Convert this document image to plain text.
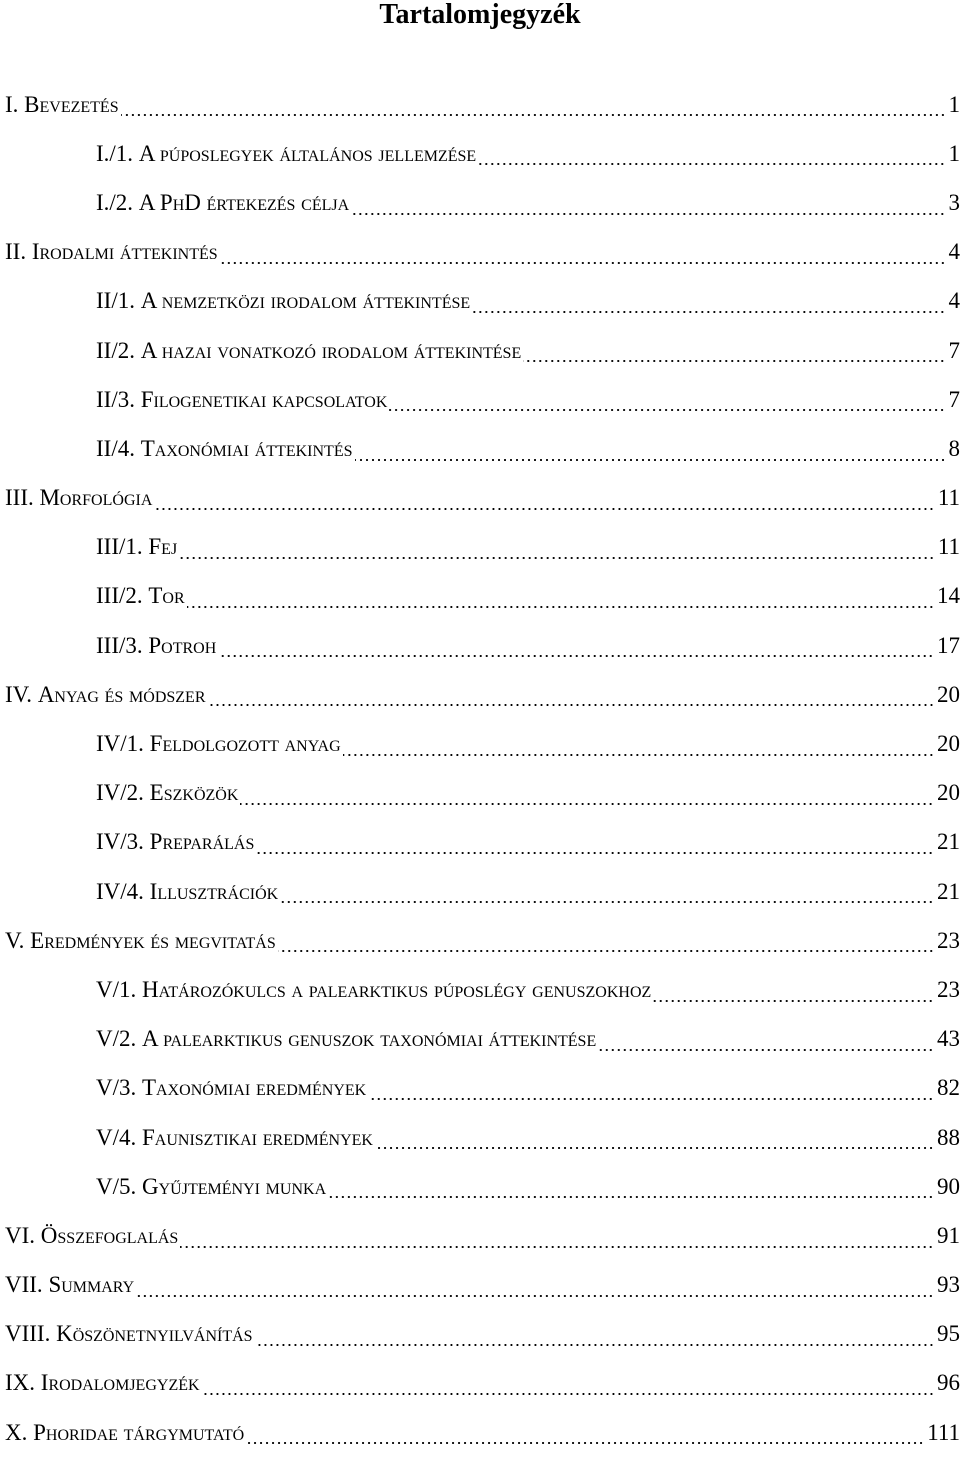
Tartalomjegyzék
I. Bevezetés	1
I./1. A púposlegyek általános jellemzése	1
I./2. A PhD értekezés célja	3
II. Irodalmi áttekintés	4
II/1. A nemzetközi irodalom áttekintése	4
II/2. A hazai vonatkozó irodalom áttekintése	7
II/3. Filogenetikai kapcsolatok	7
II/4. Taxonómiai áttekintés	8
III. Morfológia	11
III/1. Fej	11
III/2. Tor	14
III/3. Potroh	17
IV. Anyag és módszer	20
IV/1. Feldolgozott anyag	20
IV/2. Eszközök	20
IV/3. Preparálás	21
IV/4. Illusztrációk	21
V. Eredmények és megvitatás	23
V/1. Határozókulcs a palearktikus púposlégy genuszokhoz	23
V/2. A palearktikus genuszok taxonómiai áttekintése	43
V/3. Taxonómiai eredmények	82
V/4. Faunisztikai eredmények	88
V/5. Gyűjteményi munka	90
VI. Összefoglalás	91
VII. Summary	93
VIII. Köszönetnyilvánítás	95
IX. Irodalomjegyzék	96
X. Phoridae tárgymutató	111
